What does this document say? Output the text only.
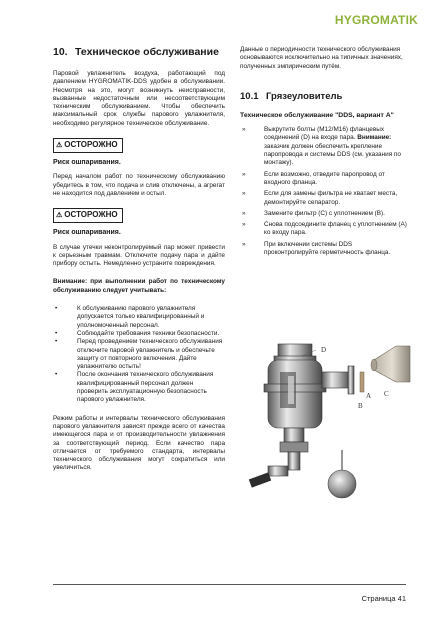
HYGROMATIK
10. Техническое обслуживание

Паровой увлажнитель воздуха, работающий под давлением HYGROMATIK-DDS удобен в обслуживании. Несмотря на это, могут возникнуть неисправности, вызванные недостаточным или несоответствующим техническим обслуживанием. Чтобы обеспечить максимальный срок службы парового увлажнителя, необходимо регулярное техническое обслуживание.

⚠ ОСТОРОЖНО
Риск ошпаривания.

Перед началом работ по техническому обслуживанию убедитесь в том, что подача и слив отключены, а агрегат не находится под давлением и остыл.

⚠ ОСТОРОЖНО
Риск ошпаривания.

В случае утечки неконтролируемый пар может привести к серьезным травмам. Отключите подачу пара и дайте прибору остыть. Немедленно устраните повреждения.

Внимание: при выполнении работ по техническому обслуживанию следует учитывать:

• К обслуживанию парового увлажнителя допускается только квалифицированный и уполномоченный персонал.
• Соблюдайте требования техники безопасности.
• Перед проведением технического обслуживания отключите паровой увлажнитель и обеспечьте защиту от повторного включения. Дайте увлажнителю остыть!
• После окончания технического обслуживания квалифицированный персонал должен проверить эксплуатационную безопасность парового увлажнителя.

Режим работы и интервалы технического обслуживания парового увлажнителя зависят прежде всего от качества имеющегося пара и от производительности увлажнения за соответствующий период. Если качество пара отличается от требуемого стандарта, интервалы технического обслуживания могут сократиться или увеличиться.

Данные о периодичности технического обслуживания основываются исключительно на типичных значениях, полученных эмпирическим путём.

10.1 Грязеуловитель
Техническое обслуживание "DDS, вариант A"
» Выкрутите болты (M12/M16) фланцевых соединений (D) на входе пара. Внимание: заказчик должен обеспечить крепление паропровода и системы DDS (см. указания по монтажу).
» Если возможно, отведите паропровод от входного фланца.
» Если для замены фильтра не хватает места, демонтируйте сепаратор.
» Замените фильтр (C) с уплотнением (B).
» Снова подсоедините фланец с уплотнением (A) ко входу пара.
» При включении системы DDS проконтролируйте герметичность фланца.
D
A
B
C
Страница 41
